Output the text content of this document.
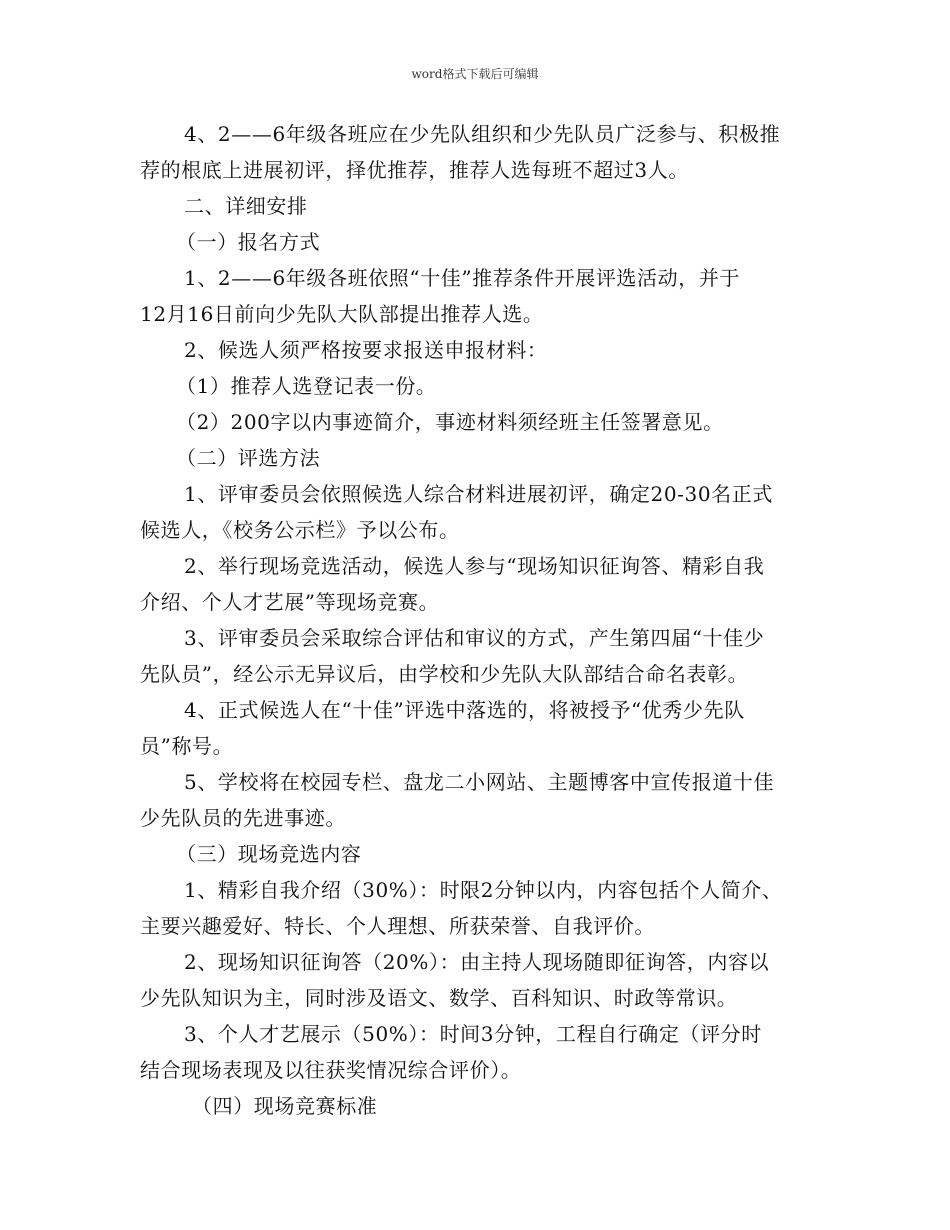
word格式下载后可编辑
4、2——6年级各班应在少先队组织和少先队员广泛参与、积极推
荐的根底上进展初评，择优推荐，推荐人选每班不超过3人。
二、详细安排
（一）报名方式
1、2——6年级各班依照“十佳”推荐条件开展评选活动，并于
12月16日前向少先队大队部提出推荐人选。
2、候选人须严格按要求报送申报材料：
（1）推荐人选登记表一份。
（2）200字以内事迹简介，事迹材料须经班主任签署意见。
（二）评选方法
1、评审委员会依照候选人综合材料进展初评，确定20-30名正式
候选人，《校务公示栏》予以公布。
2、举行现场竞选活动，候选人参与“现场知识征询答、精彩自我
介绍、个人才艺展”等现场竞赛。
3、评审委员会采取综合评估和审议的方式，产生第四届“十佳少
先队员”，经公示无异议后，由学校和少先队大队部结合命名表彰。
4、正式候选人在“十佳”评选中落选的，将被授予“优秀少先队
员”称号。
5、学校将在校园专栏、盘龙二小网站、主题博客中宣传报道十佳
少先队员的先进事迹。
（三）现场竞选内容
1、精彩自我介绍（30%）：时限2分钟以内，内容包括个人简介、
主要兴趣爱好、特长、个人理想、所获荣誉、自我评价。
2、现场知识征询答（20%）：由主持人现场随即征询答，内容以
少先队知识为主，同时涉及语文、数学、百科知识、时政等常识。
3、个人才艺展示（50%）：时间3分钟，工程自行确定（评分时
结合现场表现及以往获奖情况综合评价）。
（四）现场竞赛标准
